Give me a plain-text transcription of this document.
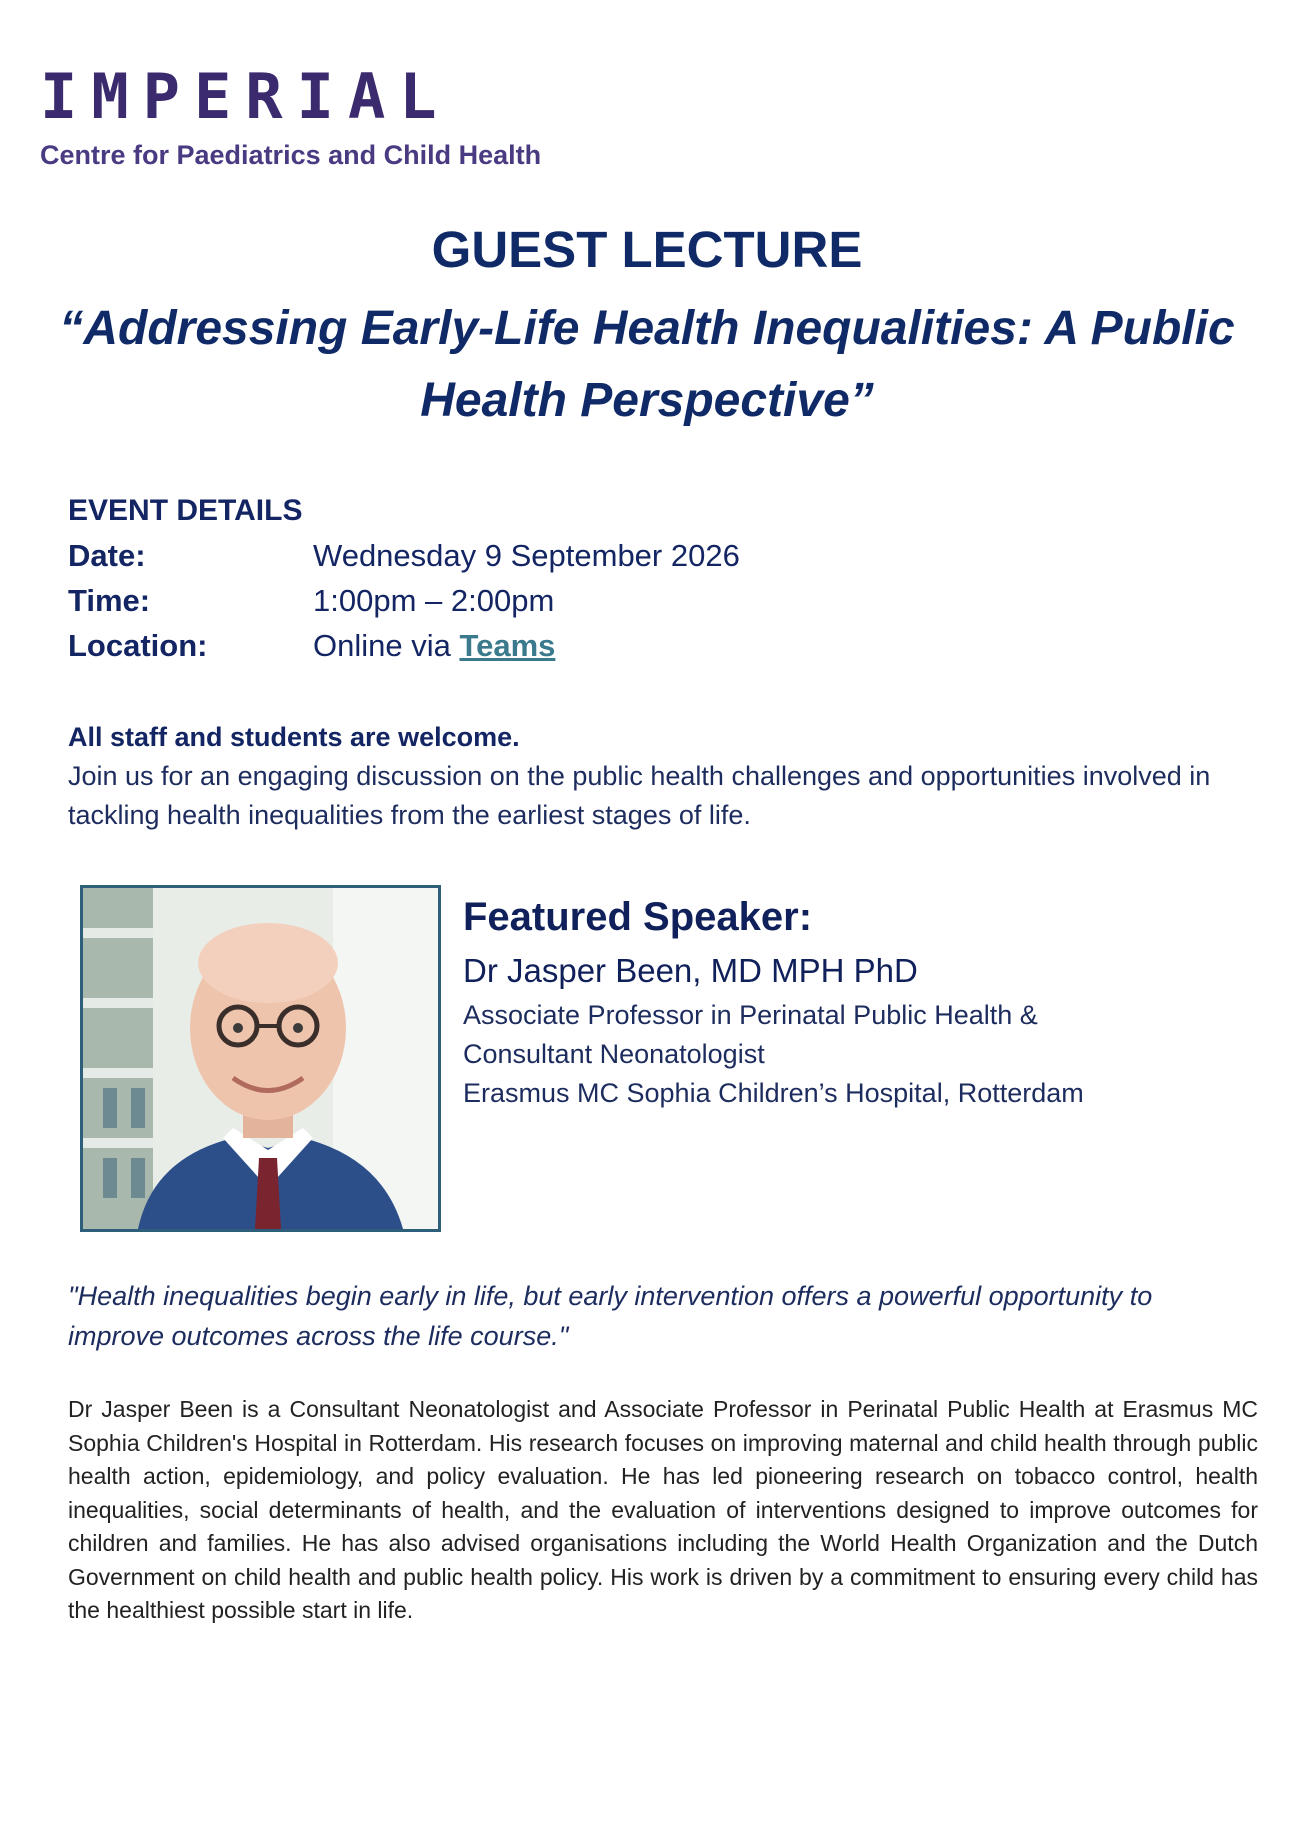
IMPERIAL
Centre for Paediatrics and Child Health
GUEST LECTURE
“Addressing Early-Life Health Inequalities: A Public Health Perspective”
EVENT DETAILS
Date:	Wednesday 9 September 2026
Time:	1:00pm – 2:00pm
Location:	Online via Teams
All staff and students are welcome.
Join us for an engaging discussion on the public health challenges and opportunities involved in tackling health inequalities from the earliest stages of life.
Featured Speaker:
Dr Jasper Been, MD MPH PhD
Associate Professor in Perinatal Public Health &
Consultant Neonatologist
Erasmus MC Sophia Children’s Hospital, Rotterdam
"Health inequalities begin early in life, but early intervention offers a powerful opportunity to improve outcomes across the life course."
Dr Jasper Been is a Consultant Neonatologist and Associate Professor in Perinatal Public Health at Erasmus MC Sophia Children's Hospital in Rotterdam. His research focuses on improving maternal and child health through public health action, epidemiology, and policy evaluation. He has led pioneering research on tobacco control, health inequalities, social determinants of health, and the evaluation of interventions designed to improve outcomes for children and families. He has also advised organisations including the World Health Organization and the Dutch Government on child health and public health policy. His work is driven by a commitment to ensuring every child has the healthiest possible start in life.
